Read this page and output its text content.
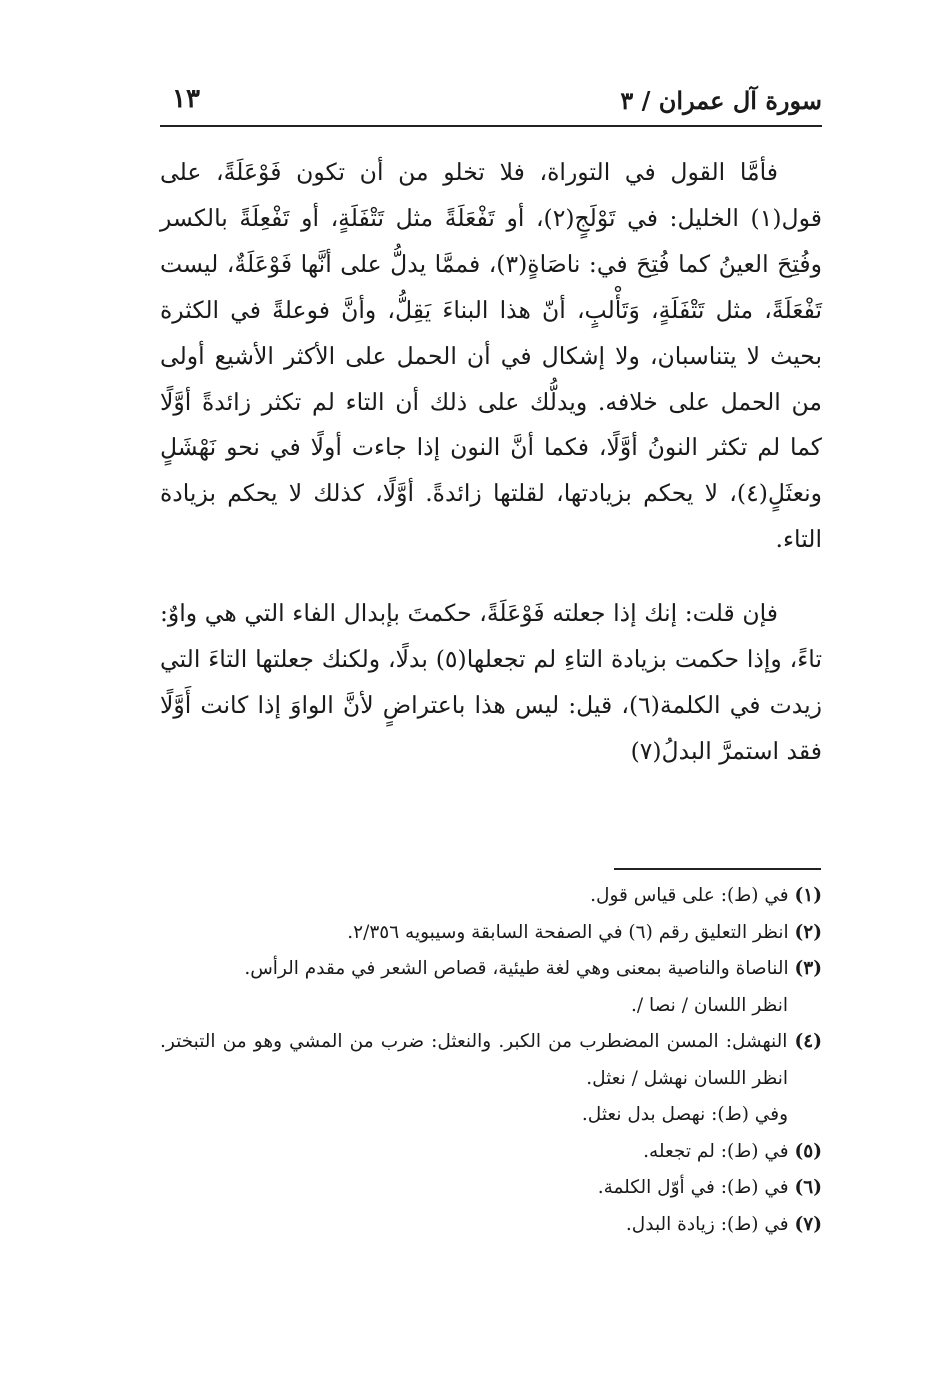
سورة آل عمران / ٣
١٣

فأمَّا القول في التوراة، فلا تخلو من أن تكون فَوْعَلَةً، على قول(١) الخليل: في تَوْلَجٍ(٢)، أو تَفْعَلَةً مثل تَتْفَلَةٍ، أو تَفْعِلَةً بالكسر وفُتِحَ العينُ كما فُتِحَ في: ناصَاةٍ(٣)، فممَّا يدلُّ على أنَّها فَوْعَلَةٌ، ليست تَفْعَلَةً، مثل تَتْفَلَةٍ، وَتَأْلبٍ، أنّ هذا البناءَ يَقِلُّ، وأنَّ فوعلةً في الكثرة بحيث لا يتناسبان، ولا إشكال في أن الحمل على الأكثر الأشيع أولى من الحمل على خلافه. ويدلُّك على ذلك أن التاء لم تكثر زائدةً أوَّلًا كما لم تكثر النونُ أوَّلًا، فكما أنَّ النون إذا جاءت أولًا في نحو نَهْشَلٍ ونعثَلٍ(٤)، لا يحكم بزيادتها، لقلتها زائدةً. أوَّلًا، كذلك لا يحكم بزيادة التاء.

فإن قلت: إنك إذا جعلته فَوْعَلَةً، حكمتَ بإبدال الفاء التي هي واوٌ: تاءً، وإذا حكمت بزيادة التاءِ لم تجعلها(٥) بدلًا، ولكنك جعلتها التاءَ التي زيدت في الكلمة(٦)، قيل: ليس هذا باعتراضٍ لأنَّ الواوَ إذا كانت أَوَّلًا فقد استمرَّ البدلُ(٧)

(١) في (ط): على قياس قول.

(٢) انظر التعليق رقم (٦) في الصفحة السابقة وسيبويه ٢/٣٥٦.

(٣) الناصاة والناصية بمعنى وهي لغة طيئية، قصاص الشعر في مقدم الرأس.

انظر اللسان / نصا /.

(٤) النهشل: المسن المضطرب من الكبر. والنعثل: ضرب من المشي وهو من التبختر. انظر اللسان نهشل / نعثل.

وفي (ط): نهصل بدل نعثل.

(٥) في (ط): لم تجعله.

(٦) في (ط): في أوّل الكلمة.

(٧) في (ط): زيادة البدل.
